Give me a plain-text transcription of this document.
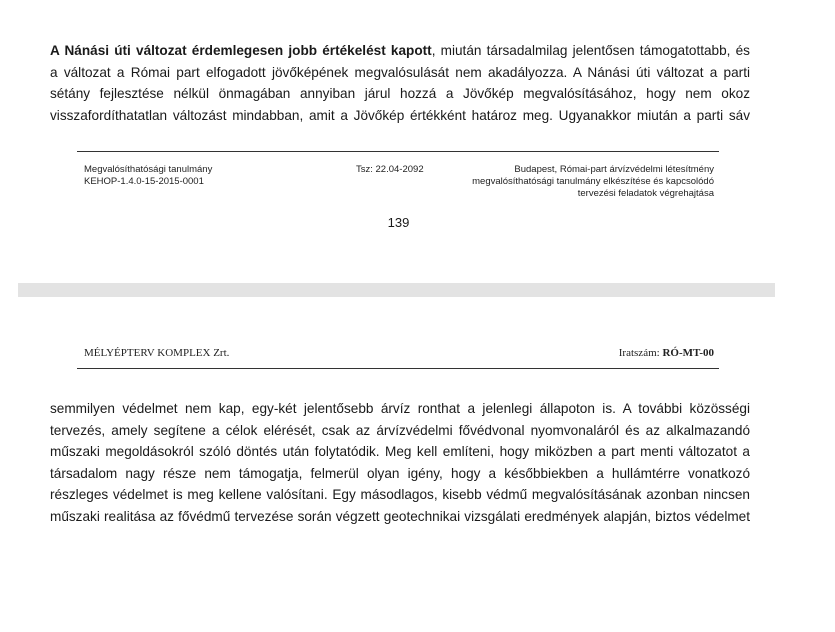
A Nánási úti változat érdemlegesen jobb értékelést kapott, miután társadalmilag jelentősen támogatottabb, és
a változat a Római part elfogadott jövőképének megvalósulását nem akadályozza. A Nánási úti változat a parti
sétány fejlesztése nélkül önmagában annyiban járul hozzá a Jövőkép megvalósításához, hogy nem okoz
visszafordíthatatlan változást mindabban, amit a Jövőkép értékként határoz meg. Ugyanakkor miután a parti sáv
Megvalósíthatósági tanulmány
KEHOP-1.4.0-15-2015-0001
Tsz: 22.04-2092	Budapest, Római-part árvízvédelmi létesítmény
megvalósíthatósági tanulmány elkészítése és kapcsolódó
tervezési feladatok végrehajtása
139
MÉLYÉPTERV KOMPLEX Zrt.	Iratszám: RÓ-MT-00
semmilyen védelmet nem kap, egy-két jelentősebb árvíz ronthat a jelenlegi állapoton is. A további közösségi
tervezés, amely segítene a célok elérését, csak az árvízvédelmi fővédvonal nyomvonaláról és az alkalmazandó
műszaki megoldásokról szóló döntés után folytatódik. Meg kell említeni, hogy miközben a part menti változatot a
társadalom nagy része nem támogatja, felmerül olyan igény, hogy a későbbiekben a hullámtérre vonatkozó
részleges védelmet is meg kellene valósítani. Egy másodlagos, kisebb védmű megvalósításának azonban nincsen
műszaki realitása az fővédmű tervezése során végzett geotechnikai vizsgálati eredmények alapján, biztos védelmet
